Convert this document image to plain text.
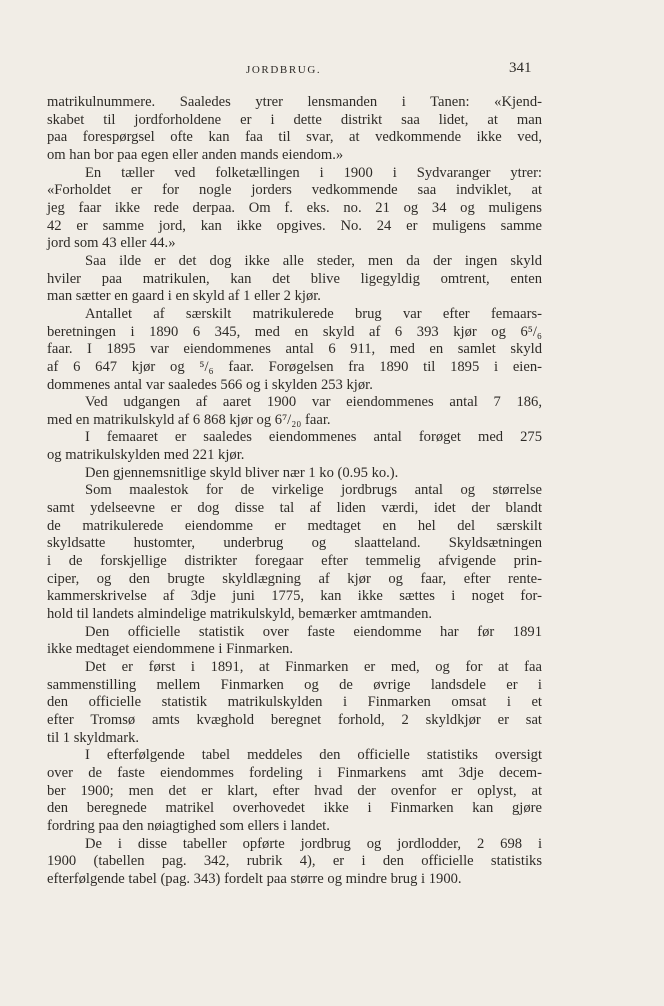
JORDBRUG.	341
matrikulnummere. Saaledes ytrer lensmanden i Tanen: «Kjend-
skabet til jordforholdene er i dette distrikt saa lidet, at man
paa forespørgsel ofte kan faa til svar, at vedkommende ikke ved,
om han bor paa egen eller anden mands eiendom.»
En tæller ved folketællingen i 1900 i Sydvaranger ytrer:
«Forholdet er for nogle jorders vedkommende saa indviklet, at
jeg faar ikke rede derpaa. Om f. eks. no. 21 og 34 og muligens
42 er samme jord, kan ikke opgives. No. 24 er muligens samme
jord som 43 eller 44.»
Saa ilde er det dog ikke alle steder, men da der ingen skyld
hviler paa matrikulen, kan det blive ligegyldig omtrent, enten
man sætter en gaard i en skyld af 1 eller 2 kjør.
Antallet af særskilt matrikulerede brug var efter femaars-
beretningen i 1890 6 345, med en skyld af 6 393 kjør og 6⁵/₆
faar. I 1895 var eiendommenes antal 6 911, med en samlet skyld
af 6 647 kjør og ⁵/₆ faar. Forøgelsen fra 1890 til 1895 i eien-
dommenes antal var saaledes 566 og i skylden 253 kjør.
Ved udgangen af aaret 1900 var eiendommenes antal 7 186,
med en matrikulskyld af 6 868 kjør og 6⁷/₂₀ faar.
I femaaret er saaledes eiendommenes antal forøget med 275
og matrikulskylden med 221 kjør.
Den gjennemsnitlige skyld bliver nær 1 ko (0.95 ko.).
Som maalestok for de virkelige jordbrugs antal og størrelse
samt ydelseevne er dog disse tal af liden værdi, idet der blandt
de matrikulerede eiendomme er medtaget en hel del særskilt
skyldsatte hustomter, underbrug og slaatteland. Skyldsætningen
i de forskjellige distrikter foregaar efter temmelig afvigende prin-
ciper, og den brugte skyldlægning af kjør og faar, efter rente-
kammerskrivelse af 3dje juni 1775, kan ikke sættes i noget for-
hold til landets almindelige matrikulskyld, bemærker amtmanden.
Den officielle statistik over faste eiendomme har før 1891
ikke medtaget eiendommene i Finmarken.
Det er først i 1891, at Finmarken er med, og for at faa
sammenstilling mellem Finmarken og de øvrige landsdele er i
den officielle statistik matrikulskylden i Finmarken omsat i et
efter Tromsø amts kvæghold beregnet forhold, 2 skyldkjør er sat
til 1 skyldmark.
I efterfølgende tabel meddeles den officielle statistiks oversigt
over de faste eiendommes fordeling i Finmarkens amt 3dje decem-
ber 1900; men det er klart, efter hvad der ovenfor er oplyst, at
den beregnede matrikel overhovedet ikke i Finmarken kan gjøre
fordring paa den nøiagtighed som ellers i landet.
De i disse tabeller opførte jordbrug og jordlodder, 2 698 i
1900 (tabellen pag. 342, rubrik 4), er i den officielle statistiks
efterfølgende tabel (pag. 343) fordelt paa større og mindre brug i 1900.
